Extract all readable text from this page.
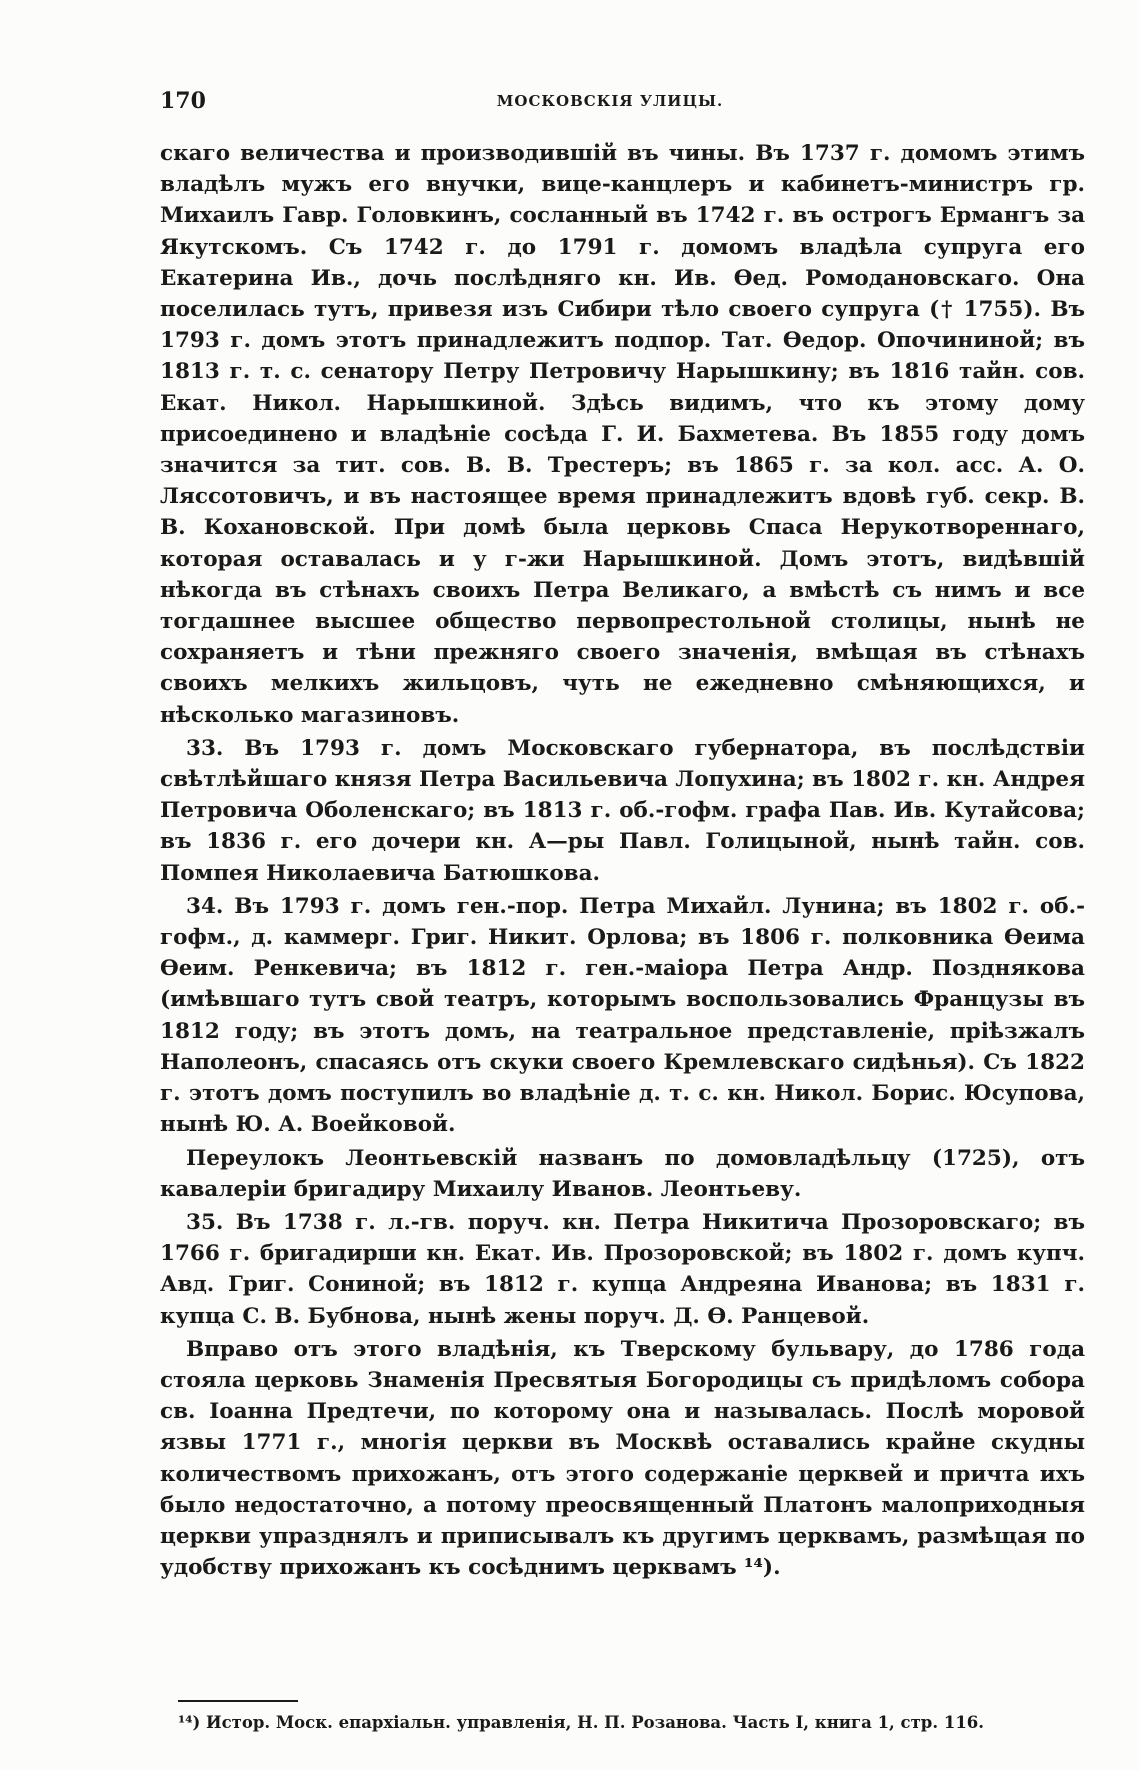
170	МОСКОВСКІЯ УЛИЦЫ.

скаго величества и производившій въ чины. Въ 1737 г. домомъ этимъ владѣлъ мужъ его внучки, вице-канцлеръ и кабинетъ-министръ гр. Михаилъ Гавр. Головкинъ, сосланный въ 1742 г. въ острогъ Ермангъ за Якутскомъ. Съ 1742 г. до 1791 г. домомъ владѣла супруга его Екатерина Ив., дочь послѣдняго кн. Ив. Ѳед. Ромодановскаго. Она поселилась тутъ, привезя изъ Сибири тѣло своего супруга († 1755). Въ 1793 г. домъ этотъ принадлежитъ подпор. Тат. Ѳедор. Опочининой; въ 1813 г. т. с. сенатору Петру Петровичу Нарышкину; въ 1816 тайн. сов. Екат. Никол. Нарышкиной. Здѣсь видимъ, что къ этому дому присоединено и владѣніе сосѣда Г. И. Бахметева. Въ 1855 году домъ значится за тит. сов. В. В. Трестеръ; въ 1865 г. за кол. асс. А. О. Лясcотовичъ, и въ настоящее время принадлежитъ вдовѣ губ. секр. В. В. Кохановской. При домѣ была церковь Спаса Нерукотвореннаго, которая оставалась и у г-жи Нарышкиной. Домъ этотъ, видѣвшій нѣкогда въ стѣнахъ своихъ Петра Великаго, а вмѣстѣ съ нимъ и все тогдашнее высшее общество первопрестольной столицы, нынѣ не сохраняетъ и тѣни прежняго своего значенія, вмѣщая въ стѣнахъ своихъ мелкихъ жильцовъ, чуть не ежедневно смѣняющихся, и нѣсколько магазиновъ.

33. Въ 1793 г. домъ Московскаго губернатора, въ послѣдствіи свѣтлѣйшаго князя Петра Васильевича Лопухина; въ 1802 г. кн. Андрея Петровича Оболенскаго; въ 1813 г. об.-гофм. графа Пав. Ив. Кутайсова; въ 1836 г. его дочери кн. А—ры Павл. Голицыной, нынѣ тайн. сов. Помпея Николаевича Батюшкова.

34. Въ 1793 г. домъ ген.-пор. Петра Михайл. Лунина; въ 1802 г. об.-гофм., д. каммерг. Григ. Никит. Орлова; въ 1806 г. полковника Ѳеима Ѳеим. Ренкевича; въ 1812 г. ген.-маіора Петра Андр. Позднякова (имѣвшаго тутъ свой театръ, которымъ воспользовались Французы въ 1812 году; въ этотъ домъ, на театральное представленіе, пріѣзжалъ Наполеонъ, спасаясь отъ скуки своего Кремлевскаго сидѣнья). Съ 1822 г. этотъ домъ поступилъ во владѣніе д. т. с. кн. Никол. Борис. Юсупова, нынѣ Ю. А. Воейковой.

Переулокъ Леонтьевскій названъ по домовладѣльцу (1725), отъ кавалеріи бригадиру Михаилу Иванов. Леонтьеву.

35. Въ 1738 г. л.-гв. поруч. кн. Петра Никитича Прозоровскаго; въ 1766 г. бригадирши кн. Екат. Ив. Прозоровской; въ 1802 г. домъ купч. Авд. Григ. Сониной; въ 1812 г. купца Андреяна Иванова; въ 1831 г. купца С. В. Бубнова, нынѣ жены поруч. Д. Ѳ. Ранцевой.

Вправо отъ этого владѣнія, къ Тверскому бульвару, до 1786 года стояла церковь Знаменія Пресвятыя Богородицы съ придѣломъ собора св. Іоанна Предтечи, по которому она и называлась. Послѣ моровой язвы 1771 г., многія церкви въ Москвѣ оставались крайне скудны количествомъ прихожанъ, отъ этого содержаніе церквей и причта ихъ было недостаточно, а потому преосвященный Платонъ малоприходныя церкви упразднялъ и приписывалъ къ другимъ церквамъ, размѣщая по удобству прихожанъ къ сосѣднимъ церквамъ ¹⁴).

¹⁴) Истор. Моск. епархіальн. управленія, Н. П. Розанова. Часть I, книга 1, стр. 116.
